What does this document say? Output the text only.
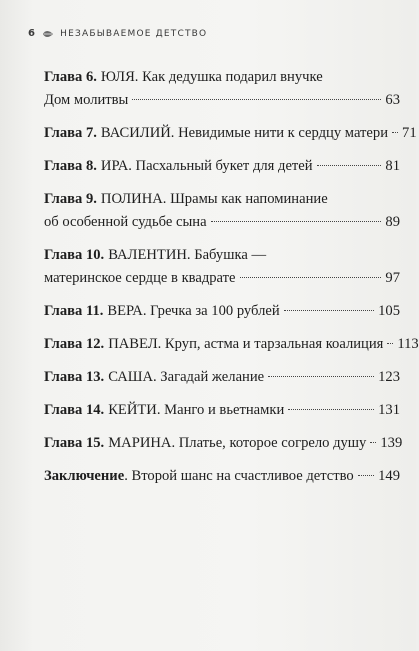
6	НЕЗАБЫВАЕМОЕ ДЕТСТВО
Глава 6. ЮЛЯ. Как дедушка подарил внучке
Дом молитвы	63
Глава 7. ВАСИЛИЙ. Невидимые нити к сердцу матери 71
Глава 8. ИРА. Пасхальный букет для детей	81
Глава 9. ПОЛИНА. Шрамы как напоминание
об особенной судьбе сына	89
Глава 10. ВАЛЕНТИН. Бабушка —
материнское сердце в квадрате	97
Глава 11. ВЕРА. Гречка за 100 рублей	105
Глава 12. ПАВЕЛ. Круп, астма и тарзальная коалиция 113
Глава 13. САША. Загадай желание	123
Глава 14. КЕЙТИ. Манго и вьетнамки	131
Глава 15. МАРИНА. Платье, которое согрело душу 139
Заключение . Второй шанс на счастливое детство 149
